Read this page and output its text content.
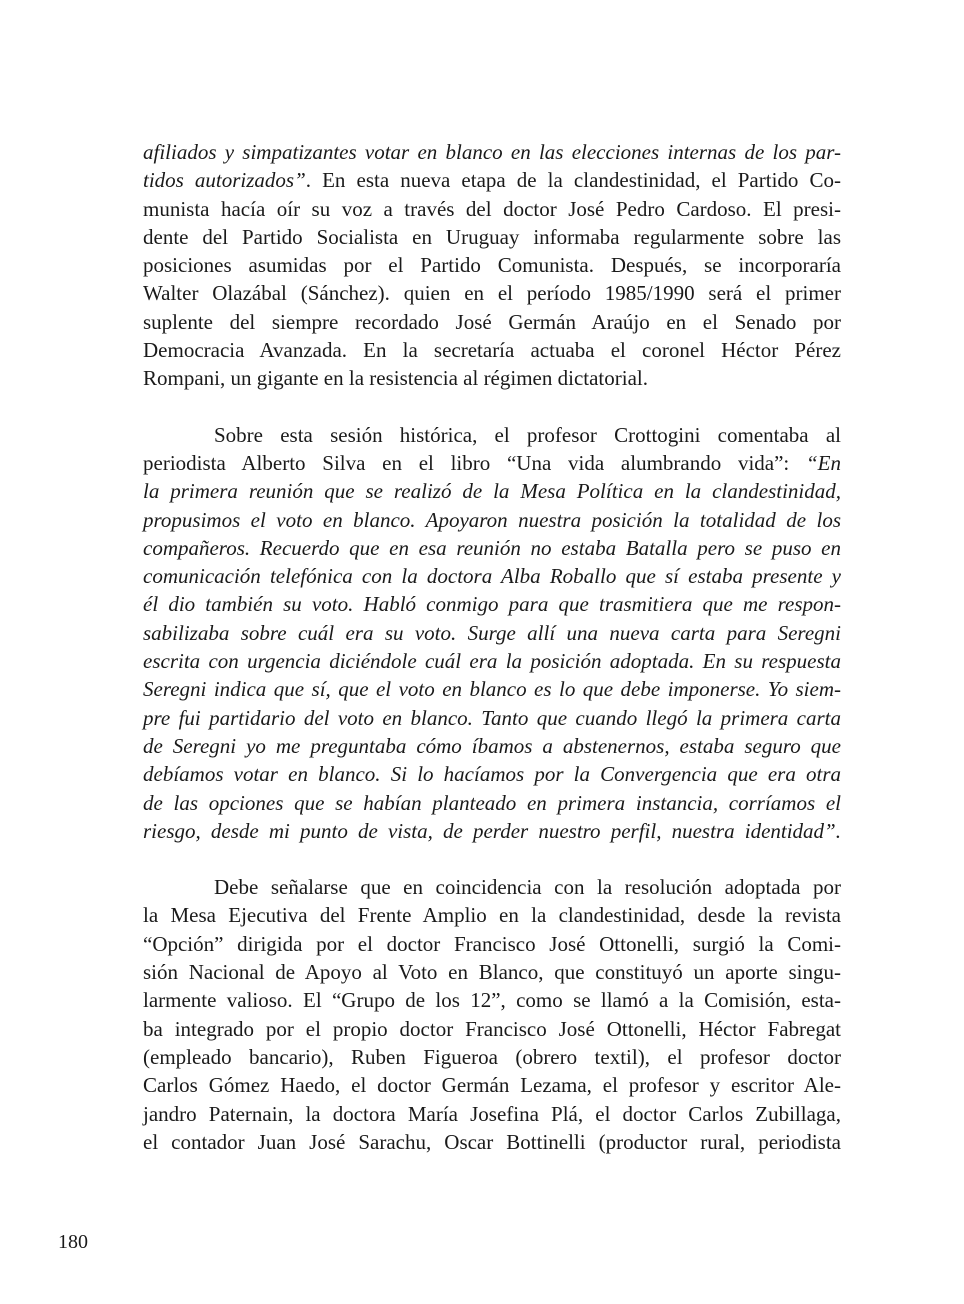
afiliados y simpatizantes votar en blanco en las elecciones internas de los par-
tidos autorizados”. En esta nueva etapa de la clandestinidad, el Partido Co-
munista hacía oír su voz a través del doctor José Pedro Cardoso. El presi-
dente del Partido Socialista en Uruguay informaba regularmente sobre las
posiciones asumidas por el Partido Comunista. Después, se incorporaría
Walter Olazábal (Sánchez). quien en el período 1985/1990 será el primer
suplente del siempre recordado José Germán Araújo en el Senado por
Democracia Avanzada. En la secretaría actuaba el coronel Héctor Pérez
Rompani, un gigante en la resistencia al régimen dictatorial.
Sobre esta sesión histórica, el profesor Crottogini comentaba al
periodista Alberto Silva en el libro “Una vida alumbrando vida”: “En
la primera reunión que se realizó de la Mesa Política en la clandestinidad,
propusimos el voto en blanco. Apoyaron nuestra posición la totalidad de los
compañeros. Recuerdo que en esa reunión no estaba Batalla pero se puso en
comunicación telefónica con la doctora Alba Roballo que sí estaba presente y
él dio también su voto. Habló conmigo para que trasmitiera que me respon-
sabilizaba sobre cuál era su voto. Surge allí una nueva carta para Seregni
escrita con urgencia diciéndole cuál era la posición adoptada. En su respuesta
Seregni indica que sí, que el voto en blanco es lo que debe imponerse. Yo siem-
pre fui partidario del voto en blanco. Tanto que cuando llegó la primera carta
de Seregni yo me preguntaba cómo íbamos a abstenernos, estaba seguro que
debíamos votar en blanco. Si lo hacíamos por la Convergencia que era otra
de las opciones que se habían planteado en primera instancia, corríamos el
riesgo, desde mi punto de vista, de perder nuestro perfil, nuestra identidad”.
Debe señalarse que en coincidencia con la resolución adoptada por
la Mesa Ejecutiva del Frente Amplio en la clandestinidad, desde la revista
“Opción” dirigida por el doctor Francisco José Ottonelli, surgió la Comi-
sión Nacional de Apoyo al Voto en Blanco, que constituyó un aporte singu-
larmente valioso. El “Grupo de los 12”, como se llamó a la Comisión, esta-
ba integrado por el propio doctor Francisco José Ottonelli, Héctor Fabregat
(empleado bancario), Ruben Figueroa (obrero textil), el profesor doctor
Carlos Gómez Haedo, el doctor Germán Lezama, el profesor y escritor Ale-
jandro Paternain, la doctora María Josefina Plá, el doctor Carlos Zubillaga,
el contador Juan José Sarachu, Oscar Bottinelli (productor rural, periodista
180
